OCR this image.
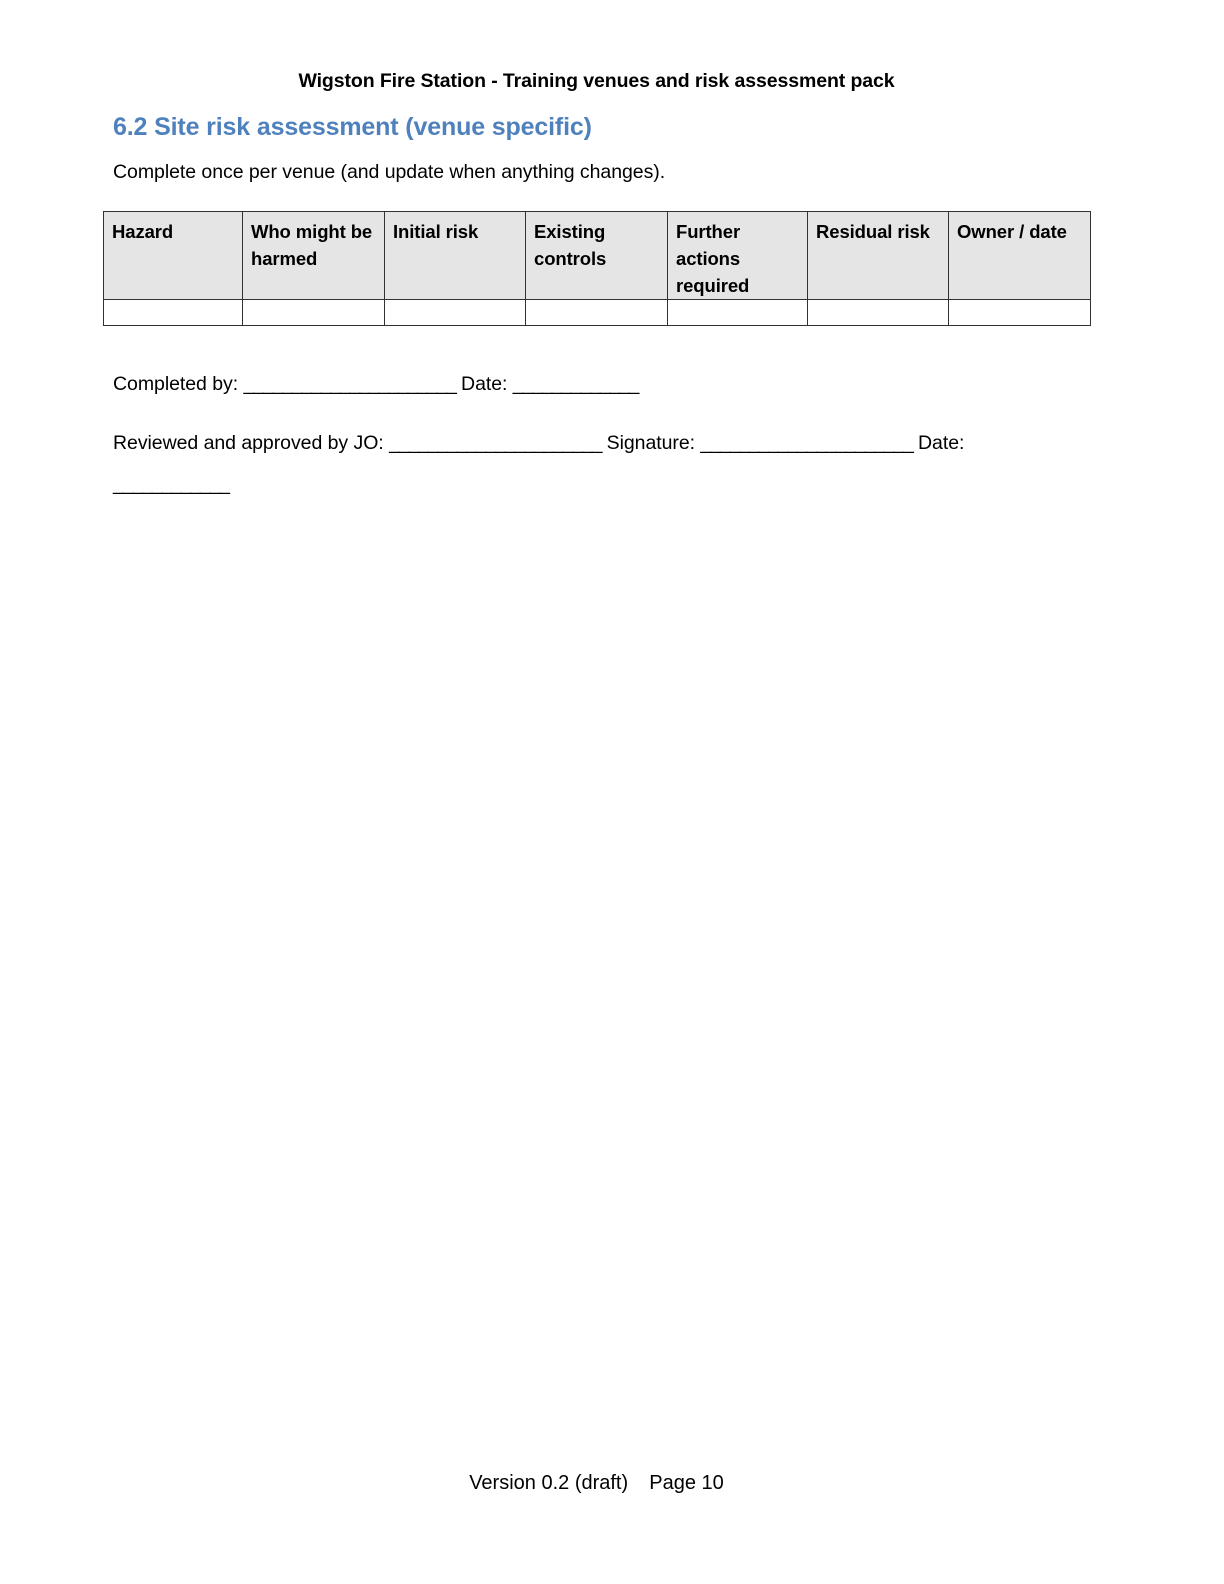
Wigston Fire Station - Training venues and risk assessment pack
6.2 Site risk assessment (venue specific)
Complete once per venue (and update when anything changes).
Hazard	Who might be harmed	Initial risk	Existing controls	Further actions required	Residual risk	Owner / date

Completed by: ______________________ Date: _____________
Reviewed and approved by JO: ______________________ Signature: ______________________ Date: ____________
Version 0.2 (draft) Page 10
